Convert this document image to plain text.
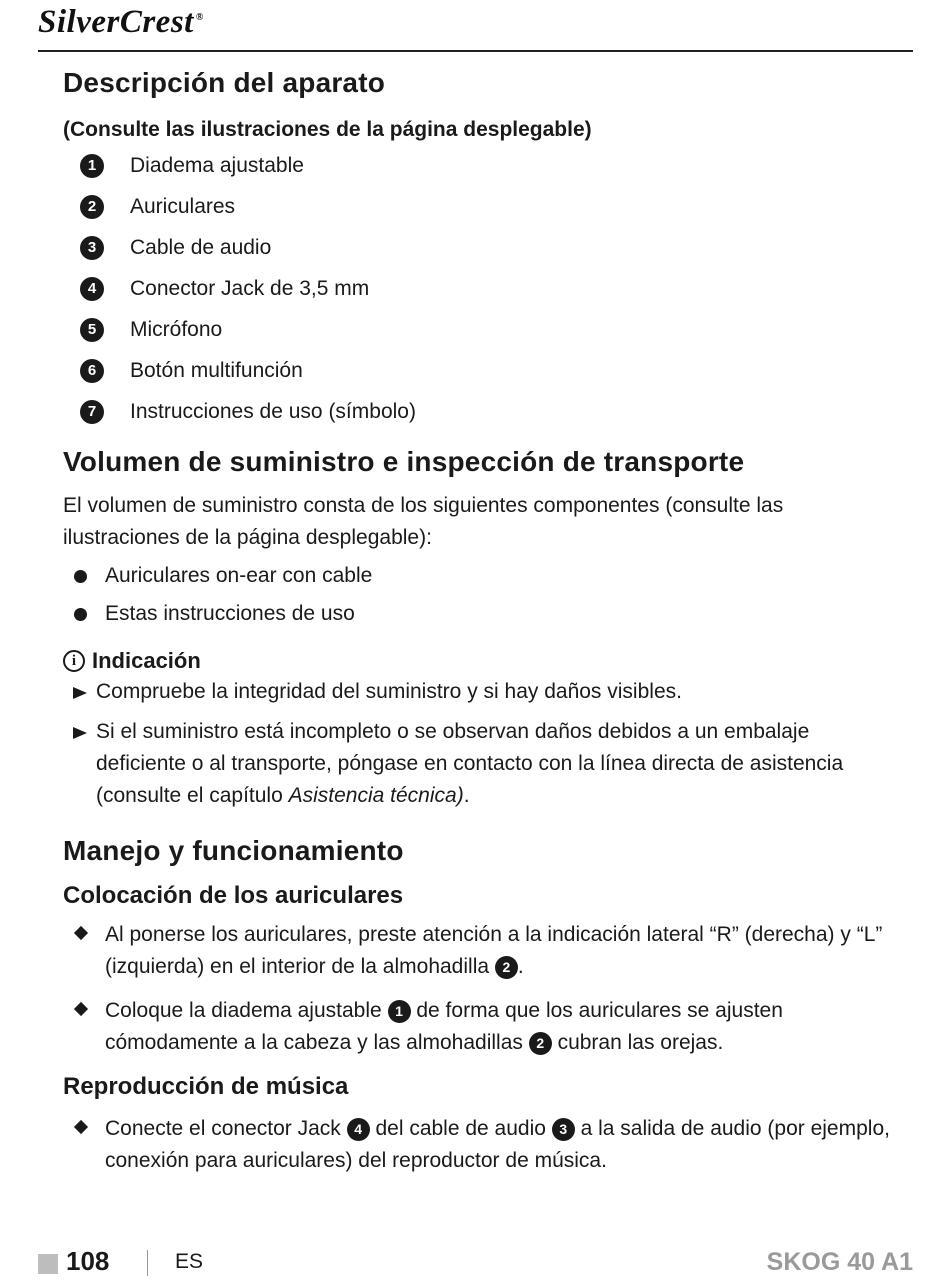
SilverCrest ®
Descripción del aparato
(Consulte las ilustraciones de la página desplegable)
1	Diadema ajustable
2	Auriculares
3	Cable de audio
4	Conector Jack de 3,5 mm
5	Micrófono
6	Botón multifunción
7	Instrucciones de uso (símbolo)
Volumen de suministro e inspección de transporte

El volumen de suministro consta de los siguientes componentes (consulte las ilustraciones de la página desplegable):

Auriculares on-ear con cable
Estas instrucciones de uso
i Indicación
Compruebe la integridad del suministro y si hay daños visibles.
Si el suministro está incompleto o se observan daños debidos a un embalaje deficiente o al transporte, póngase en contacto con la línea directa de asistencia (consulte el capítulo Asistencia técnica).
Manejo y funcionamiento
Colocación de los auriculares
Al ponerse los auriculares, preste atención a la indicación lateral “R” (derecha) y “L” (izquierda) en el interior de la almohadilla 2 .
Coloque la diadema ajustable 1 de forma que los auriculares se ajusten cómodamente a la cabeza y las almohadillas 2 cubran las orejas.
Reproducción de música
Conecte el conector Jack 4 del cable de audio 3 a la salida de audio (por ejemplo, conexión para auriculares) del reproductor de música.
108	ES	SKOG 40 A1
